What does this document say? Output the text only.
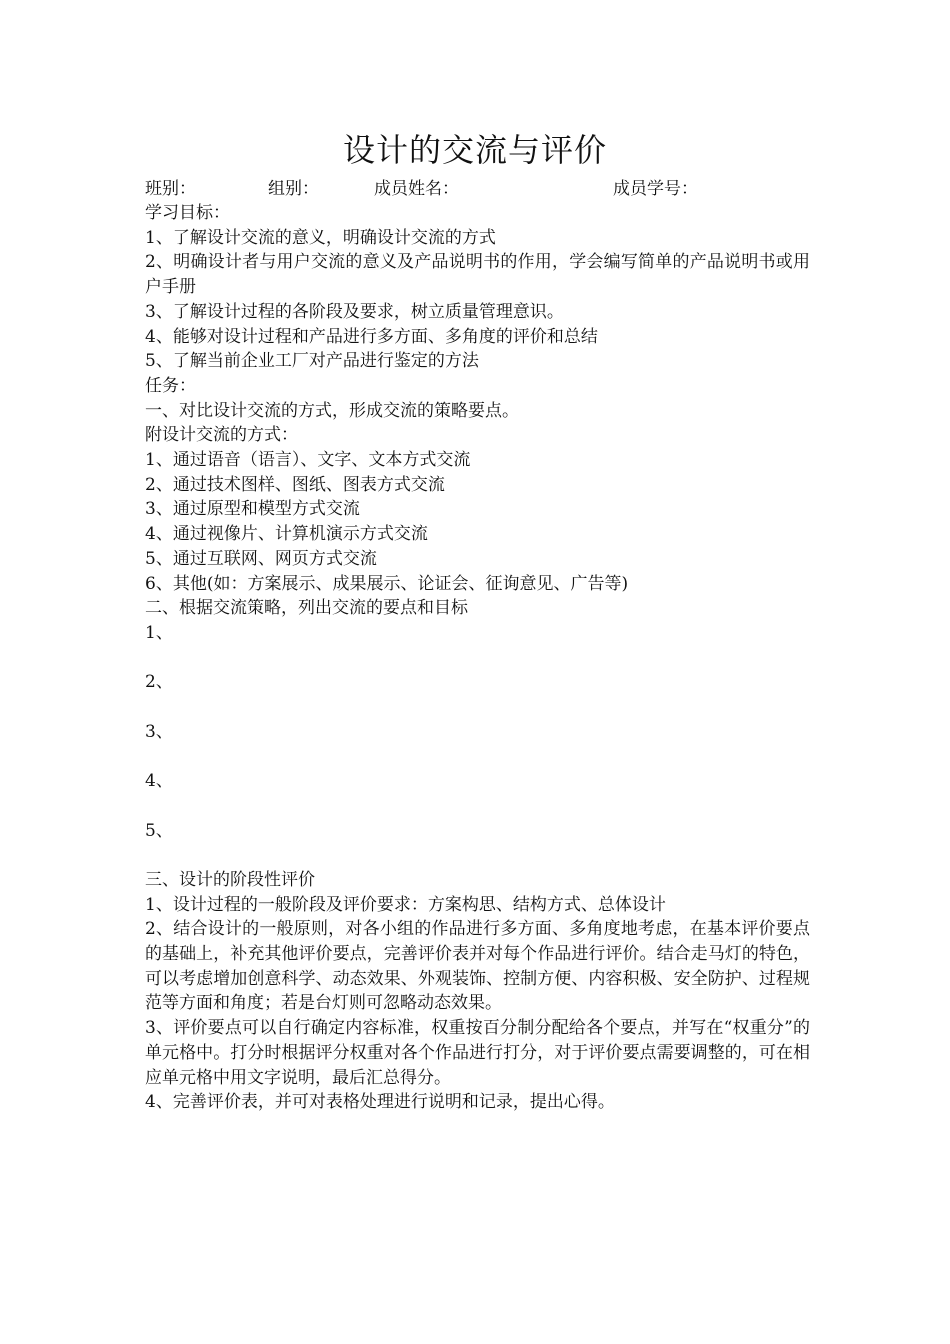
设计的交流与评价
班别：	组别：	成员姓名：	成员学号：
学习目标：
1、了解设计交流的意义，明确设计交流的方式
2、明确设计者与用户交流的意义及产品说明书的作用，学会编写简单的产品说明书或用户手册
3、了解设计过程的各阶段及要求，树立质量管理意识。
4、能够对设计过程和产品进行多方面、多角度的评价和总结
5、了解当前企业工厂对产品进行鉴定的方法
任务：
一、对比设计交流的方式，形成交流的策略要点。
附设计交流的方式：
1、通过语音（语言）、文字、文本方式交流
2、通过技术图样、图纸、图表方式交流
3、通过原型和模型方式交流
4、通过视像片、计算机演示方式交流
5、通过互联网、网页方式交流
6、其他(如：方案展示、成果展示、论证会、征询意见、广告等)
二、根据交流策略，列出交流的要点和目标
1、
2、
3、
4、
5、
三、设计的阶段性评价
1、设计过程的一般阶段及评价要求：方案构思、结构方式、总体设计
2、结合设计的一般原则，对各小组的作品进行多方面、多角度地考虑，在基本评价要点的基础上，补充其他评价要点，完善评价表并对每个作品进行评价。结合走马灯的特色，可以考虑增加创意科学、动态效果、外观装饰、控制方便、内容积极、安全防护、过程规范等方面和角度；若是台灯则可忽略动态效果。
3、评价要点可以自行确定内容标准，权重按百分制分配给各个要点，并写在“权重分”的单元格中。打分时根据评分权重对各个作品进行打分，对于评价要点需要调整的，可在相应单元格中用文字说明，最后汇总得分。
4、完善评价表，并可对表格处理进行说明和记录，提出心得。
